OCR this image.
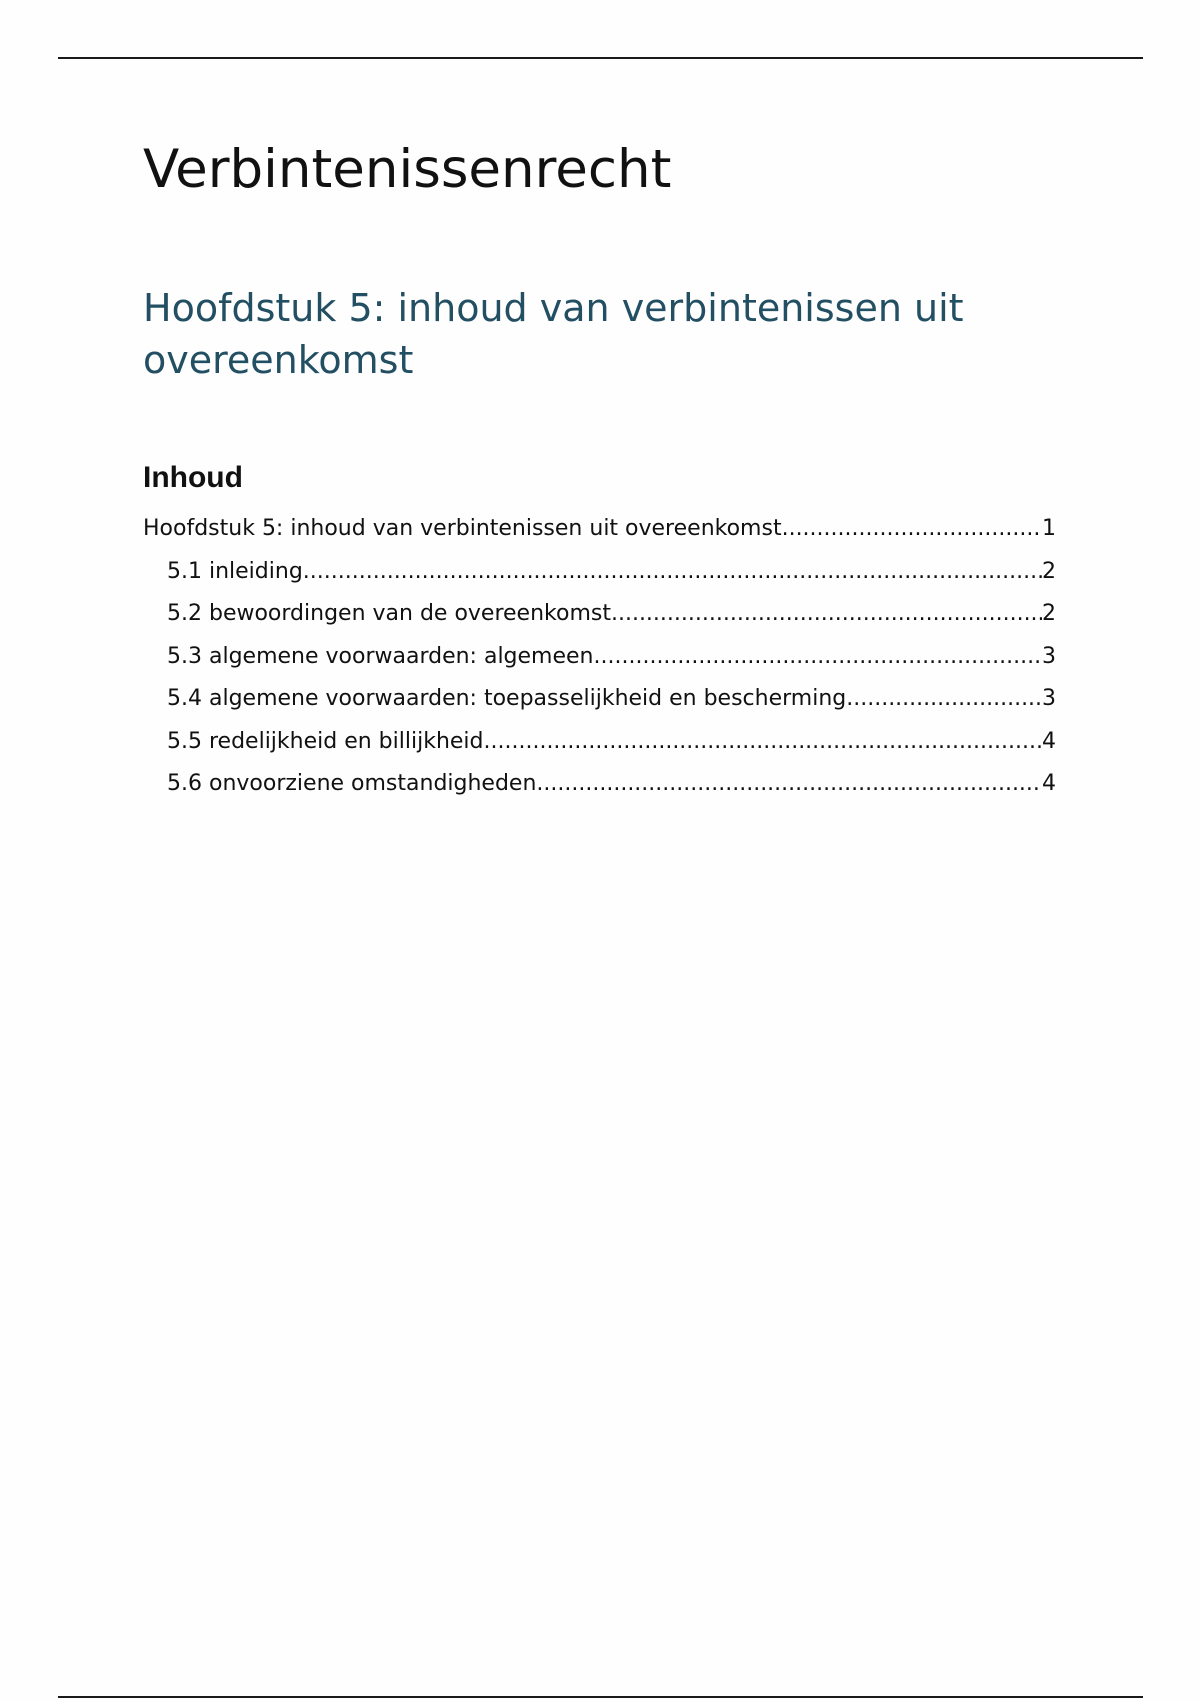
Verbintenissenrecht
Hoofdstuk 5: inhoud van verbintenissen uit overeenkomst
Inhoud
Hoofdstuk 5: inhoud van verbintenissen uit overeenkomst .....	1
5.1 inleiding .....	2
5.2 bewoordingen van de overeenkomst .....	2
5.3 algemene voorwaarden: algemeen .....	3
5.4 algemene voorwaarden: toepasselijkheid en bescherming .....	3
5.5 redelijkheid en billijkheid .....	4
5.6 onvoorziene omstandigheden .....	4
